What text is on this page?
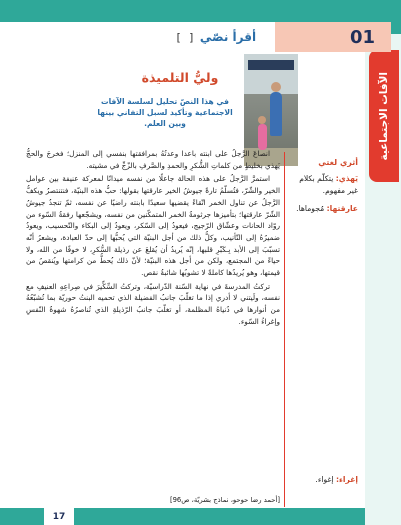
الآفات الاجتماعية
01
أقرأ نصّي
[ ]
وليُّ التلميذة
في هذا النصّ تحليل لسلسة الآفات الاجتماعية وتأكيد لسبل التفاني بينها وبين العلم.
أثري لغتي
يَهذي: يتكلّم بكلام غير مفهوم.
عارقتها: مُجوماها.
إغراء: إغواء.

انصاعَ الرَّجلُ على ابنته باعدا وعدتُهُ بمرافقتها بنفسي إلى المنزل؛ فخرجَ والحجُّ يَهذي بخليطٍ من كلماتِ الشُّكرِ والحمدِ والصَّرفِ بالزّجِّ في مشيته.

استمرَّ الرَّجلُ على هذه الحالة جاعلًا من نفسه ميدانًا لمعركة عنيفة بين عوامل الخير والشّرّ، فتُسلّمُ تارةً جيوشُ الخير عارقتها بقولها: حبُّ هذه البنيّة، فنتنتصرُ ويكفُّ الرَّجلُ عن تناول الخمر اتّقاءً يقضيها سعيدًا بابنته راضيًا عن نفسه، ثمّ تنجدُ جيوشُ الشّرّ عارقتها؛ بتأميزها جرثومةُ الخمر المتمكّنين من نفسه، ويشجّعها رفقةُ السّوء من روّاد الحانات وعشّاق الرّجيج، فيعودُ إلى السّكر، ويعودُ إلى البكاء والتّحسيب، ويعودُ ضميرُهُ إلى التّأنيب، وكلُّ ذلك من أجل البنيّة التي يُحبُّها إلى حدّ العبادة، ويشعرُ أنّه تسبّبَ إلى الأبد بِـكَبْرِ قلبها، إنّه يُريدُ أن يُقلعَ عن رذيلة السُّكرِ، لا خوفًا من الله، ولا حياءً من المجتمع، ولكن من أجل هذه البنيّة؛ لأنّ ذلك يُحطُّ من كرامتها ويُنقصُ من قيمتها، وهو يُريدُها كاملةً لا تشوبُها شائبةُ نقص.

تركتُ المدرسةَ في نهاية السّنة الدّراسيّة، وتركتُ السِّكِّيرَ في صِراعِهِ العنيفِ مع نفسه، ولَيتني لا أدري إذا ما تغلّبَ جانبُ الفضيلة الذي تحميه البنتُ حوريّة بما تُشبّعُهُ من أنوارها في دُنياهُ المظلمة، أو تغلّبَ جانبُ الرّذيلةِ الذي تُناصرُهُ شهوةُ النّفسِ وإغراءُ السّوء.

[أحمد رضا حوحو، نماذج بشريّة، ص96]
17
